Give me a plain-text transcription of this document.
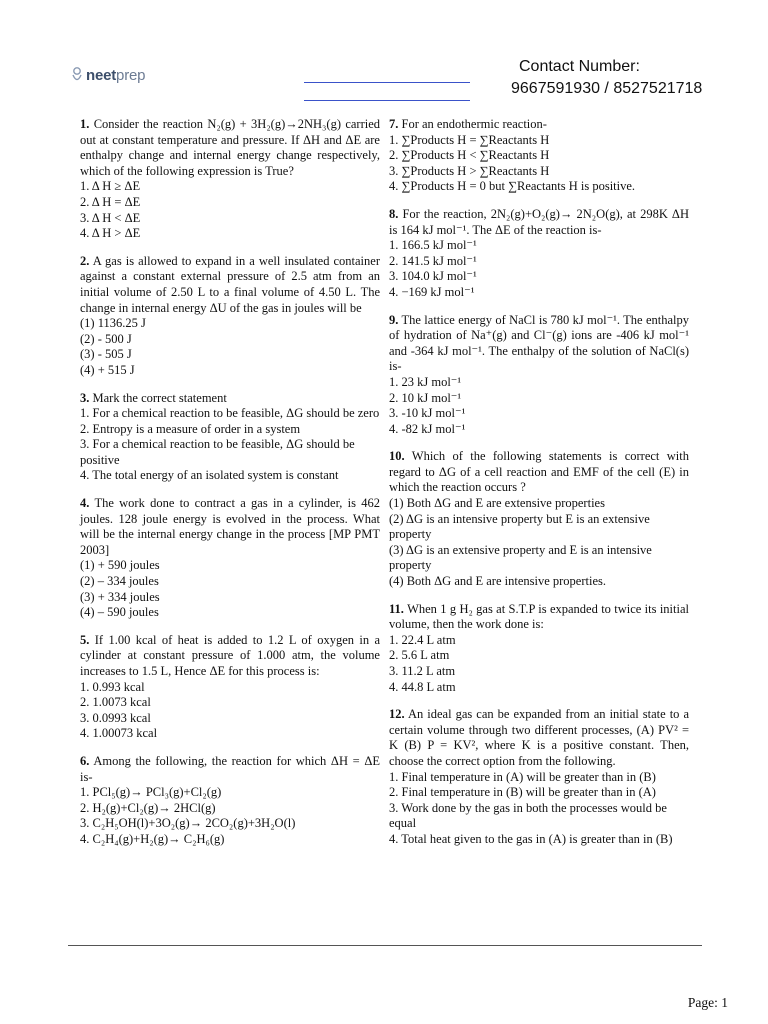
neetprep
Contact Number:
9667591930 / 8527521718

1. Consider the reaction N₂(g) + 3H₂(g)→2NH₃(g) carried out at constant temperature and pressure. If ΔH and ΔE are enthalpy change and internal energy change respectively, which of the following expression is True?

1. Δ H ≥ ΔE

2. Δ H = ΔE

3. Δ H < ΔE

4. Δ H > ΔE

2. A gas is allowed to expand in a well insulated container against a constant external pressure of 2.5 atm from an initial volume of 2.50 L to a final volume of 4.50 L. The change in internal energy ΔU of the gas in joules will be

(1) 1136.25 J

(2) - 500 J

(3) - 505 J

(4) + 515 J

3. Mark the correct statement

1. For a chemical reaction to be feasible, ΔG should be zero

2. Entropy is a measure of order in a system

3. For a chemical reaction to be feasible, ΔG should be positive

4. The total energy of an isolated system is constant

4. The work done to contract a gas in a cylinder, is 462 joules. 128 joule energy is evolved in the process. What will be the internal energy change in the process [MP PMT 2003]

(1) + 590 joules

(2) – 334 joules

(3) + 334 joules

(4) – 590 joules

5. If 1.00 kcal of heat is added to 1.2 L of oxygen in a cylinder at constant pressure of 1.000 atm, the volume increases to 1.5 L, Hence ΔE for this process is:

1. 0.993 kcal

2. 1.0073 kcal

3. 0.0993 kcal

4. 1.00073 kcal

6. Among the following, the reaction for which ΔH = ΔE is-

1. PCl₅(g)→ PCl₃(g)+Cl₂(g)

2. H₂(g)+Cl₂(g)→ 2HCl(g)

3. C₂H₅OH(l)+3O₂(g)→ 2CO₂(g)+3H₂O(l)

4. C₂H₄(g)+H₂(g)→ C₂H₆(g)

7. For an endothermic reaction-

1. ∑Products H = ∑Reactants H

2. ∑Products H < ∑Reactants H

3. ∑Products H > ∑Reactants H

4. ∑Products H = 0 but ∑Reactants H is positive.

8. For the reaction, 2N₂(g)+O₂(g)→ 2N₂O(g), at 298K ΔH is 164 kJ mol⁻¹. The ΔE of the reaction is-

1. 166.5 kJ mol⁻¹

2. 141.5 kJ mol⁻¹

3. 104.0 kJ mol⁻¹

4. −169 kJ mol⁻¹

9. The lattice energy of NaCl is 780 kJ mol⁻¹. The enthalpy of hydration of Na⁺(g) and Cl⁻(g) ions are -406 kJ mol⁻¹ and -364 kJ mol⁻¹. The enthalpy of the solution of NaCl(s) is-

1. 23 kJ mol⁻¹

2. 10 kJ mol⁻¹

3. -10 kJ mol⁻¹

4. -82 kJ mol⁻¹

10. Which of the following statements is correct with regard to ΔG of a cell reaction and EMF of the cell (E) in which the reaction occurs ?

(1) Both ΔG and E are extensive properties

(2) ΔG is an intensive property but E is an extensive property

(3) ΔG is an extensive property and E is an intensive property

(4) Both ΔG and E are intensive properties.

11. When 1 g H₂ gas at S.T.P is expanded to twice its initial volume, then the work done is:

1. 22.4 L atm

2. 5.6 L atm

3. 11.2 L atm

4. 44.8 L atm

12. An ideal gas can be expanded from an initial state to a certain volume through two different processes, (A) PV² = K (B) P = KV², where K is a positive constant. Then, choose the correct option from the following.

1. Final temperature in (A) will be greater than in (B)

2. Final temperature in (B) will be greater than in (A)

3. Work done by the gas in both the processes would be equal

4. Total heat given to the gas in (A) is greater than in (B)

Page: 1
